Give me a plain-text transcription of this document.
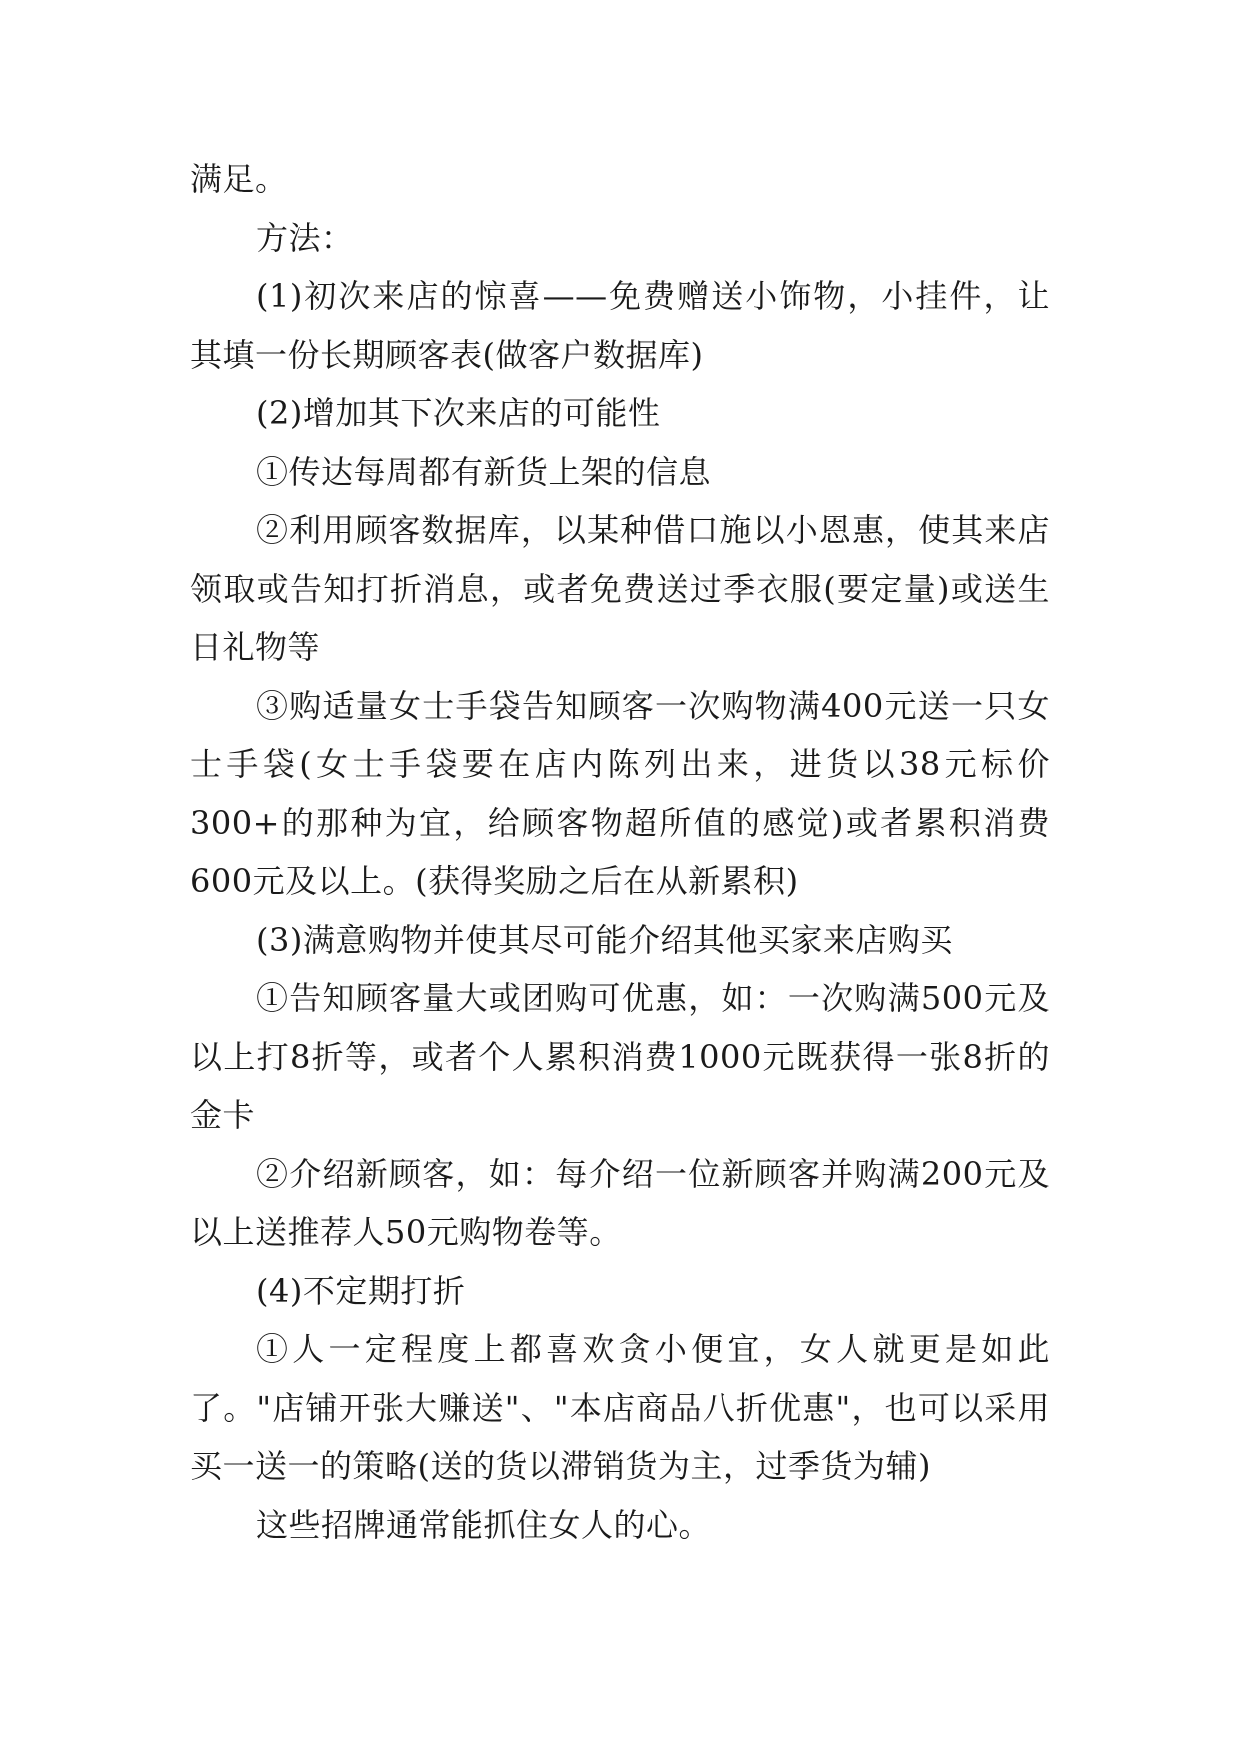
满足。

方法：

(1)初次来店的惊喜——免费赠送小饰物，小挂件，让其填一份长期顾客表(做客户数据库)

(2)增加其下次来店的可能性

①传达每周都有新货上架的信息

②利用顾客数据库，以某种借口施以小恩惠，使其来店领取或告知打折消息，或者免费送过季衣服(要定量)或送生日礼物等

③购适量女士手袋告知顾客一次购物满400元送一只女士手袋(女士手袋要在店内陈列出来，进货以38元标价300+的那种为宜，给顾客物超所值的感觉)或者累积消费600元及以上。(获得奖励之后在从新累积)

(3)满意购物并使其尽可能介绍其他买家来店购买

①告知顾客量大或团购可优惠，如：一次购满500元及以上打8折等，或者个人累积消费1000元既获得一张8折的金卡

②介绍新顾客，如：每介绍一位新顾客并购满200元及以上送推荐人50元购物卷等。

(4)不定期打折

①人一定程度上都喜欢贪小便宜，女人就更是如此了。"店铺开张大赚送"、"本店商品八折优惠"，也可以采用买一送一的策略(送的货以滞销货为主，过季货为辅)

这些招牌通常能抓住女人的心。
